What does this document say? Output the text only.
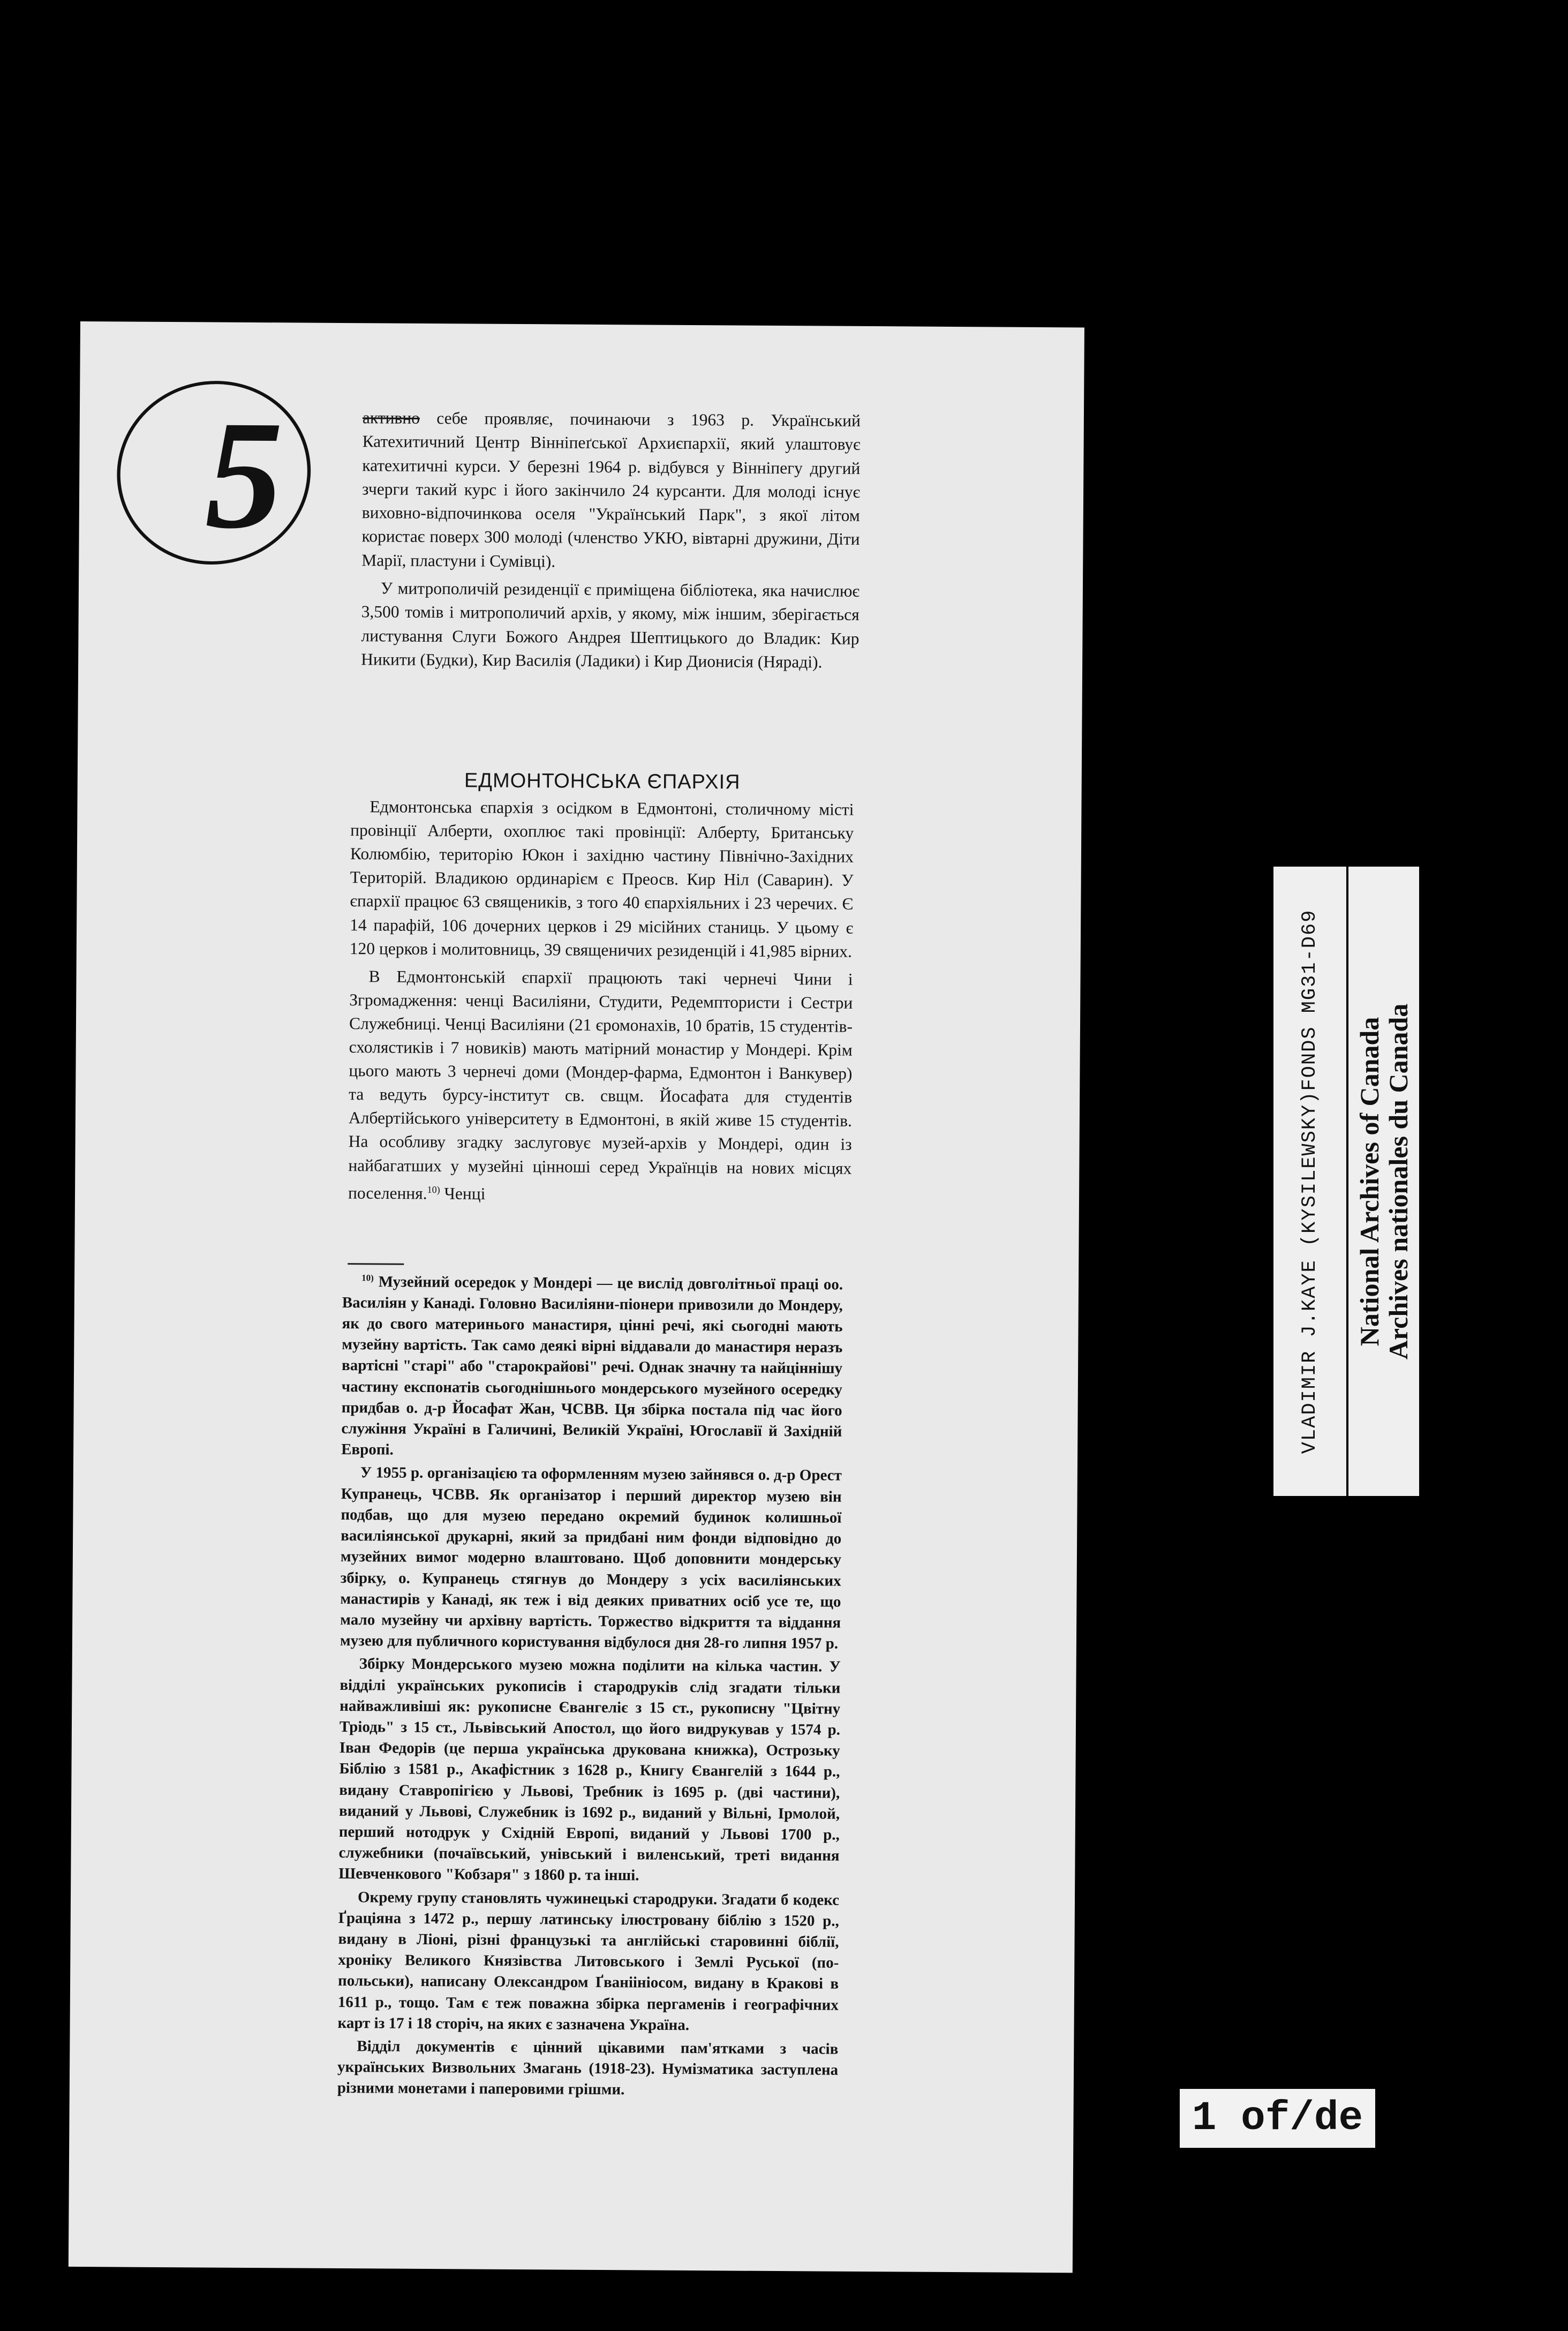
5	активно себе проявляє, починаючи з 1963 р. Український Катехитичний Центр Вінніпеґської Архиєпархії, який улаштовує катехитичні курси. У березні 1964 р. відбувся у Вінніпегу другий зчерги такий курс і його закінчило 24 курсанти. Для молоді існує виховно-відпочинкова оселя "Український Парк", з якої літом користає поверх 300 молоді (членство УКЮ, вівтарні дружини, Діти Марії, пластуни і Сумівці).

У митрополичій резиденції є приміщена бібліотека, яка начислює 3,500 томів і митрополичий архів, у якому, між іншим, зберігається листування Слуги Божого Андрея Шептицького до Владик: Кир Никити (Будки), Кир Василія (Ладики) і Кир Дионисія (Няраді).

ЕДМОНТОНСЬКА ЄПАРХІЯ

Едмонтонська єпархія з осідком в Едмонтоні, столичному місті провінції Алберти, охоплює такі провінції: Алберту, Британську Колюмбію, територію Юкон і західню частину Північно-Західних Територій. Владикою ординарієм є Преосв. Кир Ніл (Саварин). У єпархії працює 63 священиків, з того 40 єпархіяльних і 23 черечих. Є 14 парафій, 106 дочерних церков і 29 місійних станиць. У цьому є 120 церков і молитовниць, 39 священичих резиденцій і 41,985 вірних.

В Едмонтонській єпархії працюють такі чернечі Чини і Згромадження: ченці Василіяни, Студити, Редемптористи і Сестри Служебниці. Ченці Василіяни (21 єромонахів, 10 братів, 15 студентів-схолястиків і 7 новиків) мають матірний монастир у Мондері. Крім цього мають 3 чернечі доми (Мондер-фарма, Едмонтон і Ванкувер) та ведуть бурсу-інститут св. свщм. Йосафата для студентів Албертійського університету в Едмонтоні, в якій живе 15 студентів. На особливу згадку заслуговує музей-архів у Мондері, один із найбагатших у музейні цінноші серед Українців на нових місцях поселення.$^{10)}$ Ченці

$^{10)}$ Музейний осередок у Мондері — це вислід довголітньої праці оо. Василіян у Канаді. Головно Василіяни-піонери привозили до Мондеру, як до свого материнього манастиря, цінні речі, які сьогодні мають музейну вартість. Так само деякі вірні віддавали до манастиря неразъ вартісні "старі" або "старокрайові" речі. Однак значну та найціннішу частину експонатів сьогоднішнього мондерського музейного осередку придбав о. д-р Йосафат Жан, ЧСВВ. Ця збірка постала під час його служіння Україні в Галичині, Великій Україні, Югославії й Західній Европі.

У 1955 р. організацією та оформленням музею зайнявся о. д-р Орест Купранець, ЧСВВ. Як організатор і перший директор музею він подбав, що для музею передано окремий будинок колишньої василіянської друкарні, який за придбані ним фонди відповідно до музейних вимог модерно влаштовано. Щоб доповнити мондерську збірку, о. Купранець стягнув до Мондеру з усіх василіянських манастирів у Канаді, як теж і від деяких приватних осіб усе те, що мало музейну чи архівну вартість. Торжество відкриття та віддання музею для публичного користування відбулося дня 28-го липня 1957 р.

Збірку Мондерського музею можна поділити на кілька частин. У відділі українських рукописів і стародруків слід згадати тільки найважливіші як: рукописне Євангеліє з 15 ст., рукописну "Цвітну Тріодь" з 15 ст., Львівський Апостол, що його видрукував у 1574 р. Іван Федорів (це перша українська друкована книжка), Острозьку Біблію з 1581 р., Акафістник з 1628 р., Книгу Євангелій з 1644 р., видану Ставропігією у Львові, Требник із 1695 р. (дві частини), виданий у Львові, Служебник із 1692 р., виданий у Вільні, Ірмолой, перший нотодрук у Східній Европі, виданий у Львові 1700 р., служебники (почаївський, унівський і виленський, треті видання Шевченкового "Кобзаря" з 1860 р. та інші.

Окрему групу становлять чужинецькі стародруки. Згадати б кодекс Ґраціяна з 1472 р., першу латинську ілюстровану біблію з 1520 р., видану в Ліоні, різні французькі та англійські старовинні біблії, хроніку Великого Князівства Литовського і Землі Руської (по-польськи), написану Олександром Ґваніініосом, видану в Кракові в 1611 р., тощо. Там є теж поважна збірка пергаменів і географічних карт із 17 і 18 сторіч, на яких є зазначена Україна.

Відділ документів є цінний цікавими пам'ятками з часів українських Визвольних Змагань (1918-23). Нумізматика заступлена різними монетами і паперовими грішми.

VLADIMIR J.KAYE (KYSILEWSKY)FONDS MG31-D69 National Archives of Canada
Archives nationales du Canada
1 of/de
